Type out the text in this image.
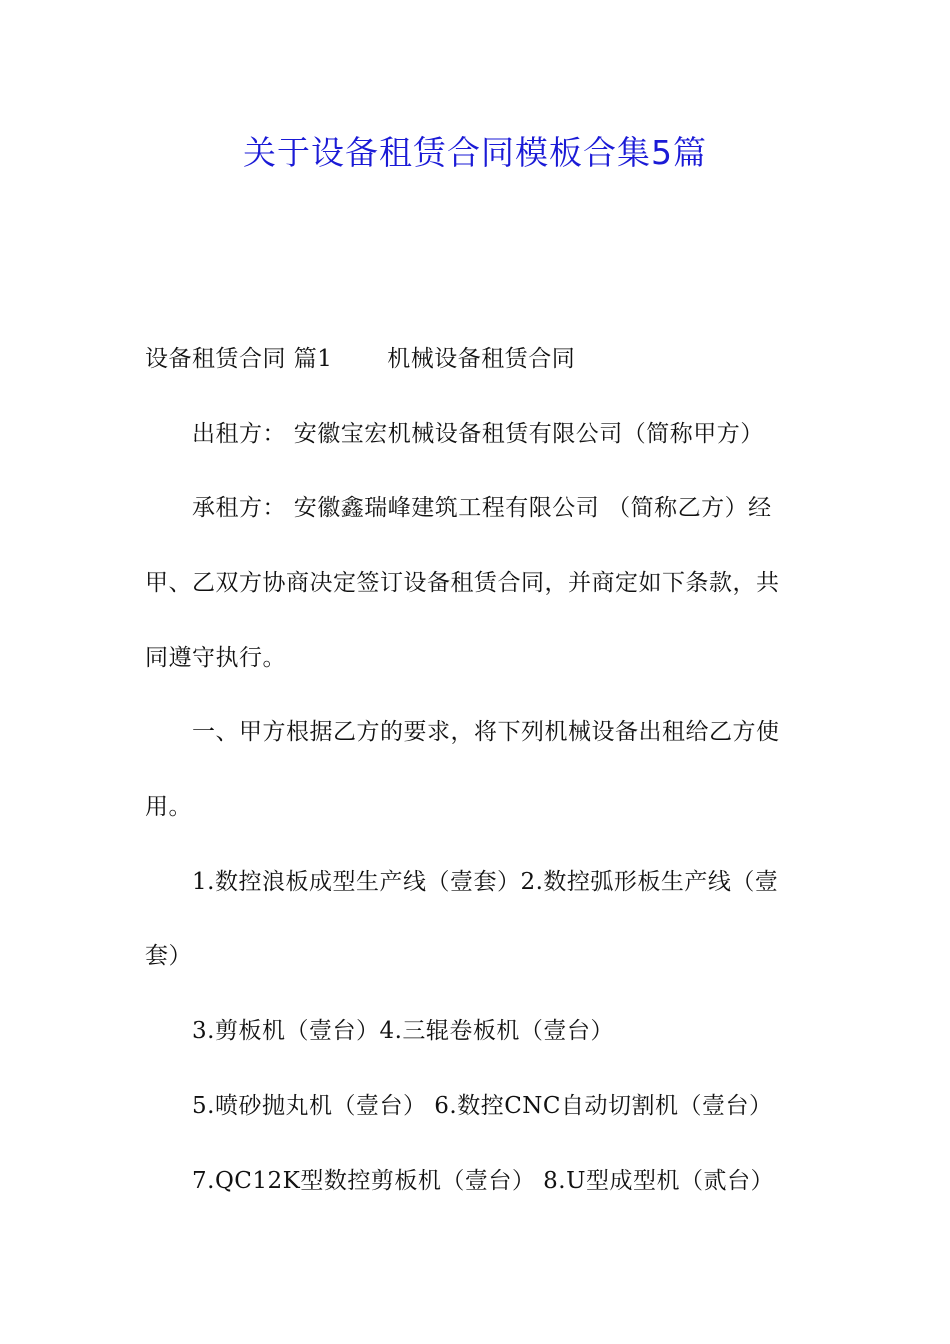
关于设备租赁合同模板合集5篇
设备租赁合同 篇1　　 机械设备租赁合同
出租方： 安徽宝宏机械设备租赁有限公司（简称甲方）
承租方： 安徽鑫瑞峰建筑工程有限公司 （简称乙方）经
甲、乙双方协商决定签订设备租赁合同，并商定如下条款，共
同遵守执行。
一、甲方根据乙方的要求，将下列机械设备出租给乙方使
用。
1.数控浪板成型生产线（壹套）2.数控弧形板生产线（壹
套）
3.剪板机（壹台）4.三辊卷板机（壹台）
5.喷砂抛丸机（壹台） 6.数控CNC自动切割机（壹台）
7.QC12K型数控剪板机（壹台） 8.U型成型机（贰台）
